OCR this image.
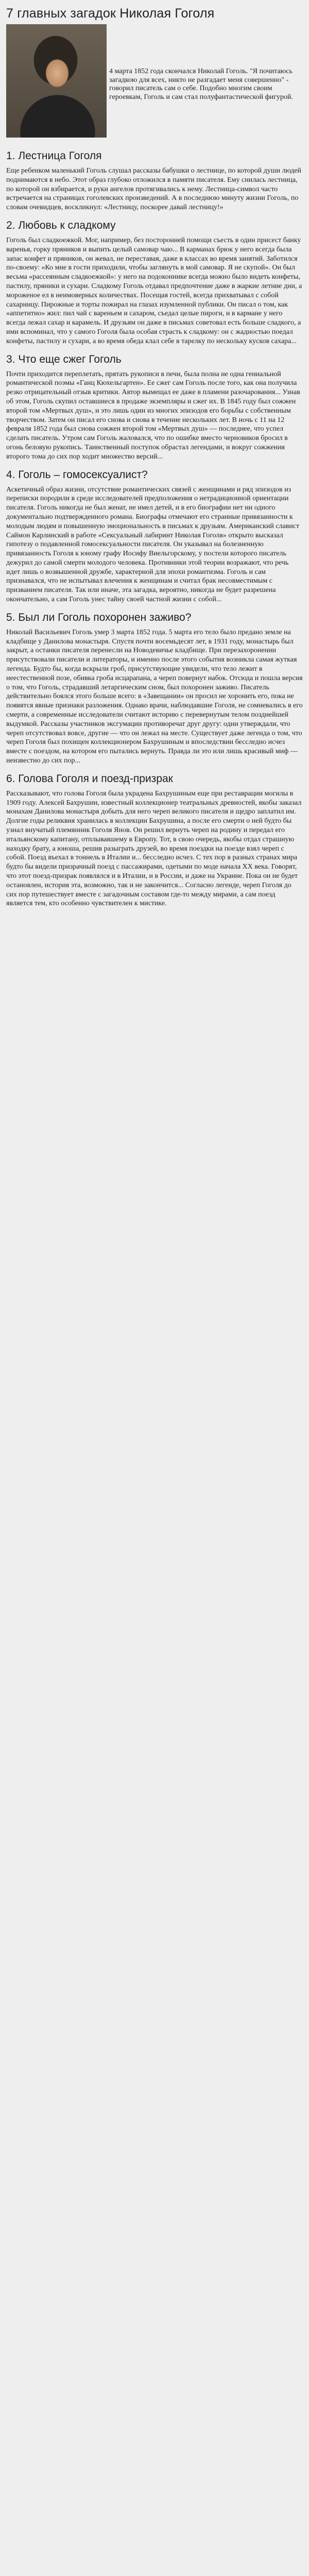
7 главных загадок Николая Гоголя
4 марта 1852 года скончался Николай Гоголь. "Я почитаюсь загадкою для всех, никто не разгадает меня совершенно" - говорил писатель сам о себе. Подобно многим своим героевкам, Гоголь и сам стал полуфантастической фигурой.
1. Лестница Гоголя

Еще ребенком маленький Гоголь слушал рассказы бабушки о лестнице, по которой души людей поднимаются в небо. Этот образ глубоко отложился в памяти писателя. Ему снилась лестница, по которой он взбирается, и руки ангелов протягивались к нему. Лестница-символ часто встречается на страницах гоголевских произведений. А в последнюю минуту жизни Гоголь, по словам очевидцев, воскликнул: «Лестницу, поскорее давай лестницу!»

2. Любовь к сладкому

Гоголь был сладкоежкой. Мог, например, без посторонней помощи съесть в один присест банку варенья, горку пряников и выпить целый самовар чаю... В карманах брюк у него всегда была запас конфет и пряников, он жевал, не переставая, даже в классах во время занятий. Заботился по-своему: «Ко мне в гости приходили, чтобы заглянуть в мой самовар. Я не скупой». Он был весьма «рассеянным сладкоежкой»: у него на подоконнике всегда можно было видеть конфеты, пастилу, пряники и сухари. Сладкому Гоголь отдавал предпочтение даже в жаркие летние дни, а мороженое ел в неимоверных количествах. Посещая гостей, всегда прихватывал с собой сахарницу. Пирожные и торты пожирал на глазах изумленной публики. Он писал о том, как «аппетитно» жил: пил чай с вареньем и сахаром, съедал целые пироги, и в кармане у него всегда лежал сахар и карамель. И друзьям он даже в письмах советовал есть больше сладкого, а ими вспоминал, что у самого Гоголя была особая страсть к сладкому: он с жадностью поедал конфеты, пастилу и сухари, а во время обеда клал себе в тарелку по нескольку кусков сахара...

3. Что еще сжег Гоголь

Почти приходится переплетать, прятать рукописи в печи, была полна не одна гениальной романтической поэмы «Ганц Кюхельгартен». Ее сжег сам Гоголь после того, как она получила резко отрицательный отзыв критики. Автор вымещал ее даже в пламени разочарования... Узнав об этом, Гоголь скупил оставшиеся в продаже экземпляры и сжег их. В 1845 году был сожжен второй том «Мертвых душ», и это лишь один из многих эпизодов его борьбы с собственным творчеством. Затем он писал его снова и снова в течение нескольких лет. В ночь с 11 на 12 февраля 1852 года был снова сожжен второй том «Мертвых душ» — последнее, что успел сделать писатель. Утром сам Гоголь жаловался, что по ошибке вместо черновиков бросил в огонь беловую рукопись. Таинственный поступок обрастал легендами, и вокруг сожжения второго тома до сих пор ходит множество версий...

4. Гоголь – гомосексуалист?

Аскетичный образ жизни, отсутствие романтических связей с женщинами и ряд эпизодов из переписки породили в среде исследователей предположения о нетрадиционной ориентации писателя. Гоголь никогда не был женат, не имел детей, и в его биографии нет ни одного документально подтвержденного романа. Биографы отмечают его странные привязанности к молодым людям и повышенную эмоциональность в письмах к друзьям. Американский славист Саймон Карлинский в работе «Сексуальный лабиринт Николая Гоголя» открыто высказал гипотезу о подавленной гомосексуальности писателя. Он указывал на болезненную привязанность Гоголя к юному графу Иосифу Виельгорскому, у постели которого писатель дежурил до самой смерти молодого человека. Противники этой теории возражают, что речь идет лишь о возвышенной дружбе, характерной для эпохи романтизма. Гоголь и сам признавался, что не испытывал влечения к женщинам и считал брак несовместимым с призванием писателя. Так или иначе, эта загадка, вероятно, никогда не будет разрешена окончательно, а сам Гоголь унес тайну своей частной жизни с собой...

5. Был ли Гоголь похоронен заживо?

Николай Васильевич Гоголь умер 3 марта 1852 года. 5 марта его тело было предано земле на кладбище у Данилова монастыря. Спустя почти восемьдесят лет, в 1931 году, монастырь был закрыт, а останки писателя перенесли на Новодевичье кладбище. При перезахоронении присутствовали писатели и литераторы, и именно после этого события возникла самая жуткая легенда. Будто бы, когда вскрыли гроб, присутствующие увидели, что тело лежит в неестественной позе, обивка гроба исцарапана, а череп повернут набок. Отсюда и пошла версия о том, что Гоголь, страдавший летаргическим сном, был похоронен заживо. Писатель действительно боялся этого больше всего: в «Завещании» он просил не хоронить его, пока не появятся явные признаки разложения. Однако врачи, наблюдавшие Гоголя, не сомневались в его смерти, а современные исследователи считают историю с перевернутым телом позднейшей выдумкой. Рассказы участников эксгумации противоречат друг другу: одни утверждали, что череп отсутствовал вовсе, другие — что он лежал на месте. Существует даже легенда о том, что череп Гоголя был похищен коллекционером Бахрушиным и впоследствии бесследно исчез вместе с поездом, на котором его пытались вернуть. Правда ли это или лишь красивый миф — неизвестно до сих пор...

6. Голова Гоголя и поезд-призрак

Рассказывают, что голова Гоголя была украдена Бахрушиным еще при реставрации могилы в 1909 году. Алексей Бахрушин, известный коллекционер театральных древностей, якобы заказал монахам Данилова монастыря добыть для него череп великого писателя и щедро заплатил им. Долгие годы реликвия хранилась в коллекции Бахрушина, а после его смерти о ней будто бы узнал внучатый племянник Гоголя Янов. Он решил вернуть череп на родину и передал его итальянскому капитану, отплывавшему в Европу. Тот, в свою очередь, якобы отдал страшную находку брату, а юноша, решив разыграть друзей, во время поездки на поезде взял череп с собой. Поезд въехал в тоннель в Италии и... бесследно исчез. С тех пор в разных странах мира будто бы видели призрачный поезд с пассажирами, одетыми по моде начала XX века. Говорят, что этот поезд-призрак появлялся и в Италии, и в России, и даже на Украине. Пока он не будет остановлен, история эта, возможно, так и не закончится... Согласно легенде, череп Гоголя до сих пор путешествует вместе с загадочным составом где-то между мирами, а сам поезд является тем, кто особенно чувствителен к мистике.
